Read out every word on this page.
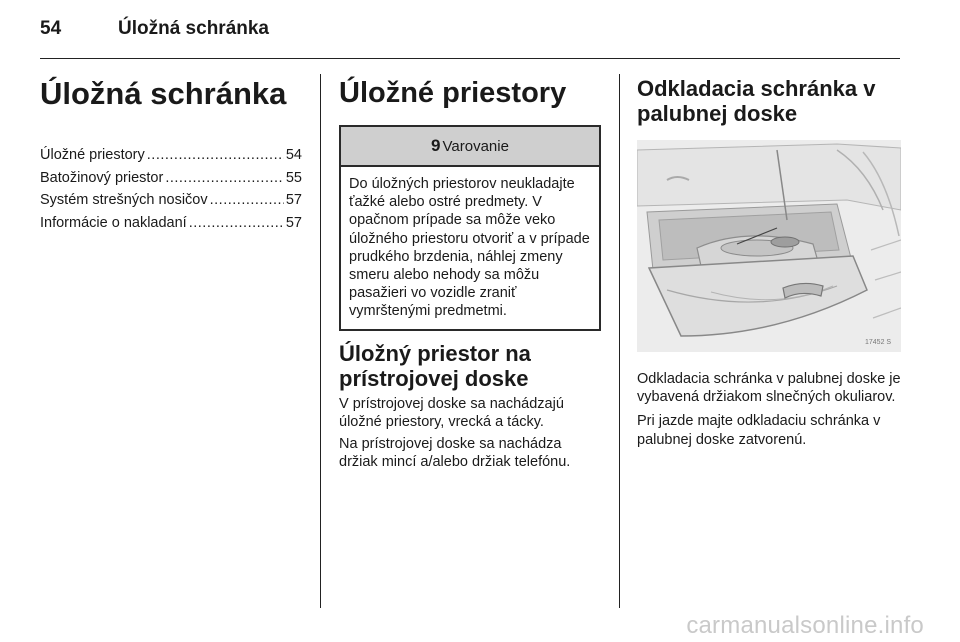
54	Úložná schránka
Úložná schránka
Úložné priestory .....	54
Batožinový priestor .....	55
Systém strešných nosičov .....	57
Informácie o nakladaní .....	57
Úložné priestory
9 Varovanie
Do úložných priestorov neukladajte ťažké alebo ostré predmety. V opačnom prípade sa môže veko úložného priestoru otvoriť a v prípade prudkého brzdenia, náhlej zmeny smeru alebo nehody sa môžu pasažieri vo vozidle zraniť vymrštenými predmetmi.
Úložný priestor na prístrojovej doske

V prístrojovej doske sa nachádzajú úložné priestory, vrecká a tácky.

Na prístrojovej doske sa nachádza držiak mincí a/alebo držiak telefónu.

Odkladacia schránka v palubnej doske
17452 S

Odkladacia schránka v palubnej doske je vybavená držiakom slnečných okuliarov.

Pri jazde majte odkladaciu schránka v palubnej doske zatvorenú.

carmanualsonline.info
